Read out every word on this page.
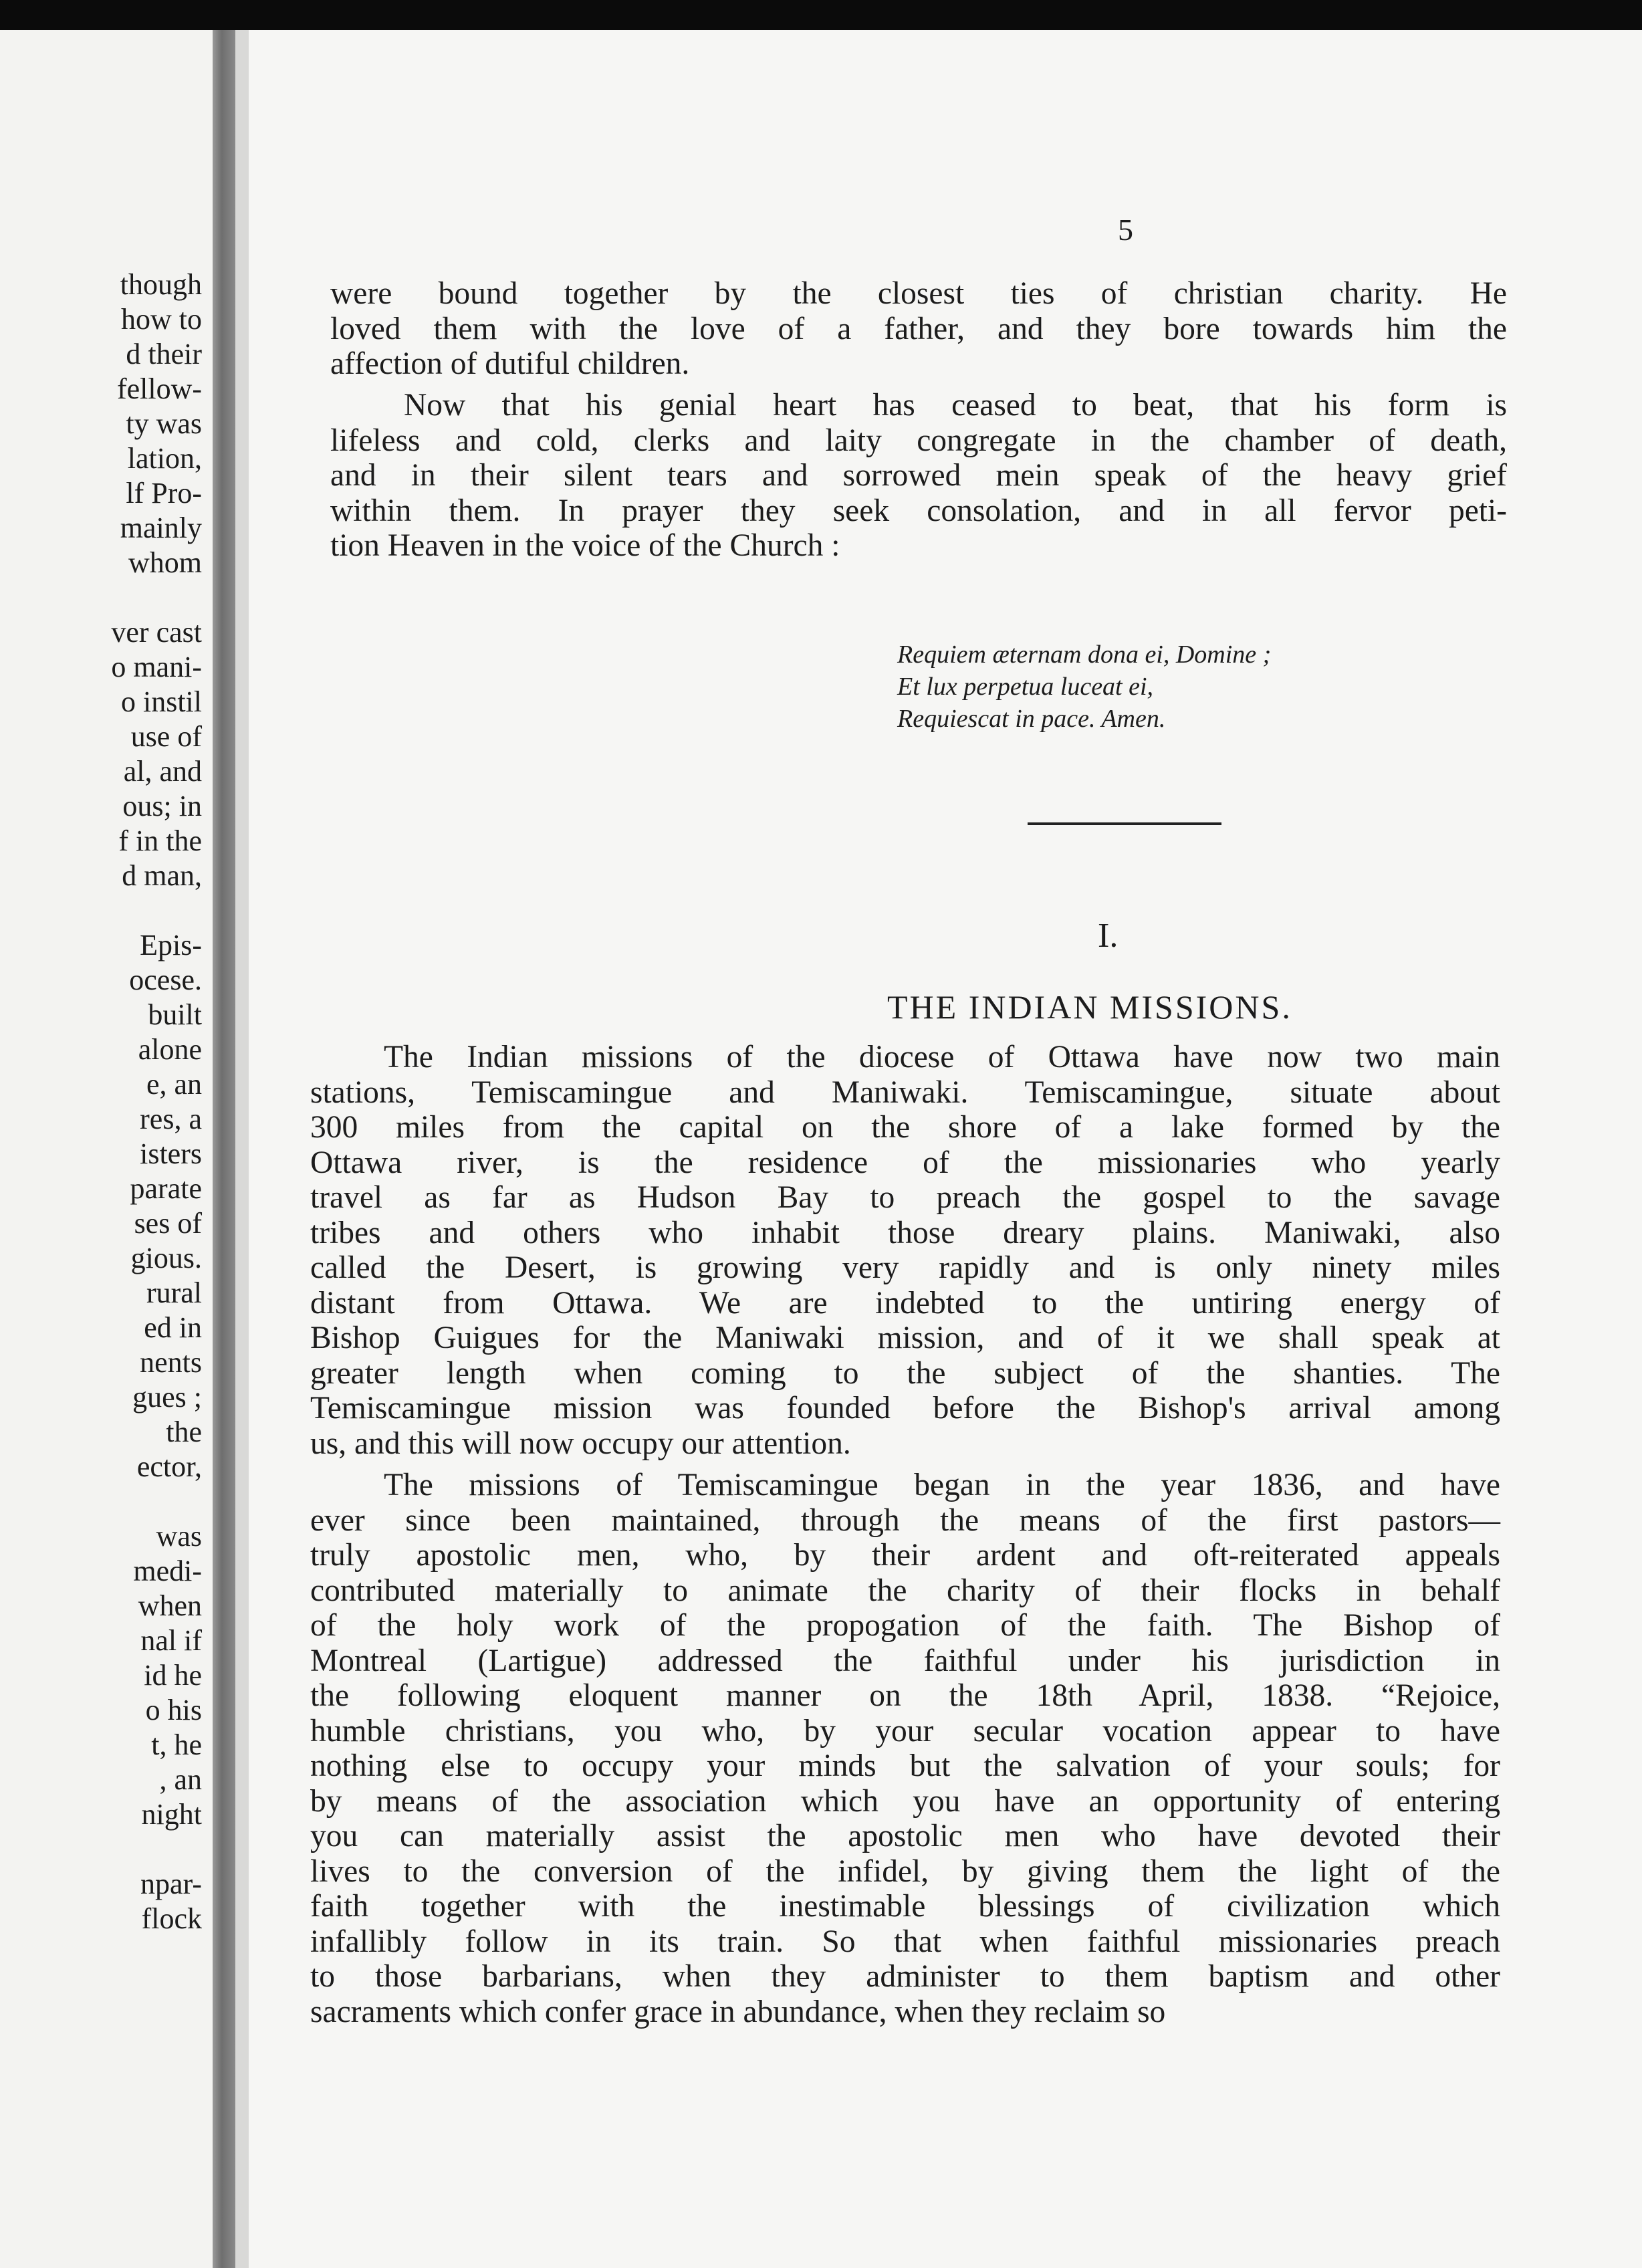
though
how to
d their
fellow-
ty was
lation,
lf Pro-
mainly
whom
ver cast
o mani-
o instil
use of
al, and
ous; in
f in the
d man,
Epis-
ocese.
built
alone
e, an
res, a
isters
parate
ses of
gious.
rural
ed in
nents
gues ;
the
ector,
was
medi-
when
nal if
id he
o his
t, he
, an
night
npar-
flock
5
were bound together by the closest ties of christian charity. He
loved them with the love of a father, and they bore towards him the
affection of dutiful children.
Now that his genial heart has ceased to beat, that his form is
lifeless and cold, clerks and laity congregate in the chamber of death,
and in their silent tears and sorrowed mein speak of the heavy grief
within them. In prayer they seek consolation, and in all fervor peti-
tion Heaven in the voice of the Church :
Requiem æternam dona ei, Domine ;
Et lux perpetua luceat ei,
Requiescat in pace. Amen.
I.
THE INDIAN MISSIONS.
The Indian missions of the diocese of Ottawa have now two main
stations, Temiscamingue and Maniwaki. Temiscamingue, situate about
300 miles from the capital on the shore of a lake formed by the
Ottawa river, is the residence of the missionaries who yearly
travel as far as Hudson Bay to preach the gospel to the savage
tribes and others who inhabit those dreary plains. Maniwaki, also
called the Desert, is growing very rapidly and is only ninety miles
distant from Ottawa. We are indebted to the untiring energy of
Bishop Guigues for the Maniwaki mission, and of it we shall speak at
greater length when coming to the subject of the shanties. The
Temiscamingue mission was founded before the Bishop's arrival among
us, and this will now occupy our attention.
The missions of Temiscamingue began in the year 1836, and have
ever since been maintained, through the means of the first pastors—
truly apostolic men, who, by their ardent and oft-reiterated appeals
contributed materially to animate the charity of their flocks in behalf
of the holy work of the propogation of the faith. The Bishop of
Montreal (Lartigue) addressed the faithful under his jurisdiction in
the following eloquent manner on the 18th April, 1838. “Rejoice,
humble christians, you who, by your secular vocation appear to have
nothing else to occupy your minds but the salvation of your souls; for
by means of the association which you have an opportunity of entering
you can materially assist the apostolic men who have devoted their
lives to the conversion of the infidel, by giving them the light of the
faith together with the inestimable blessings of civilization which
infallibly follow in its train. So that when faithful missionaries preach
to those barbarians, when they administer to them baptism and other
sacraments which confer grace in abundance, when they reclaim so
